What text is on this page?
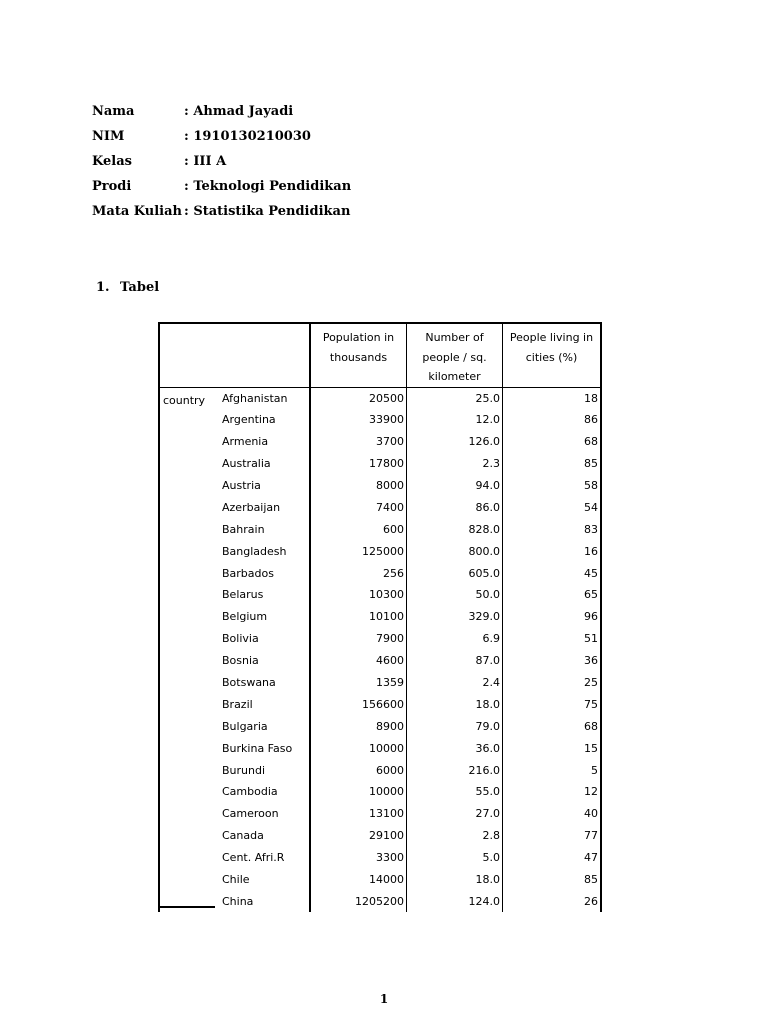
Nama	: Ahmad Jayadi
NIM	: 1910130210030
Kelas	: III A
Prodi	: Teknologi Pendidikan
Mata Kuliah : Statistika Pendidikan
1. Tabel
		Population in thousands	Number of people / sq. kilometer	People living in cities (%)
country	Afghanistan	20500	25.0	18
	Argentina	33900	12.0	86
	Armenia	3700	126.0	68
	Australia	17800	2.3	85
	Austria	8000	94.0	58
	Azerbaijan	7400	86.0	54
	Bahrain	600	828.0	83
	Bangladesh	125000	800.0	16
	Barbados	256	605.0	45
	Belarus	10300	50.0	65
	Belgium	10100	329.0	96
	Bolivia	7900	6.9	51
	Bosnia	4600	87.0	36
	Botswana	1359	2.4	25
	Brazil	156600	18.0	75
	Bulgaria	8900	79.0	68
	Burkina Faso	10000	36.0	15
	Burundi	6000	216.0	5
	Cambodia	10000	55.0	12
	Cameroon	13100	27.0	40
	Canada	29100	2.8	77
	Cent. Afri.R	3300	5.0	47
	Chile	14000	18.0	85
	China	1205200	124.0	26
1
